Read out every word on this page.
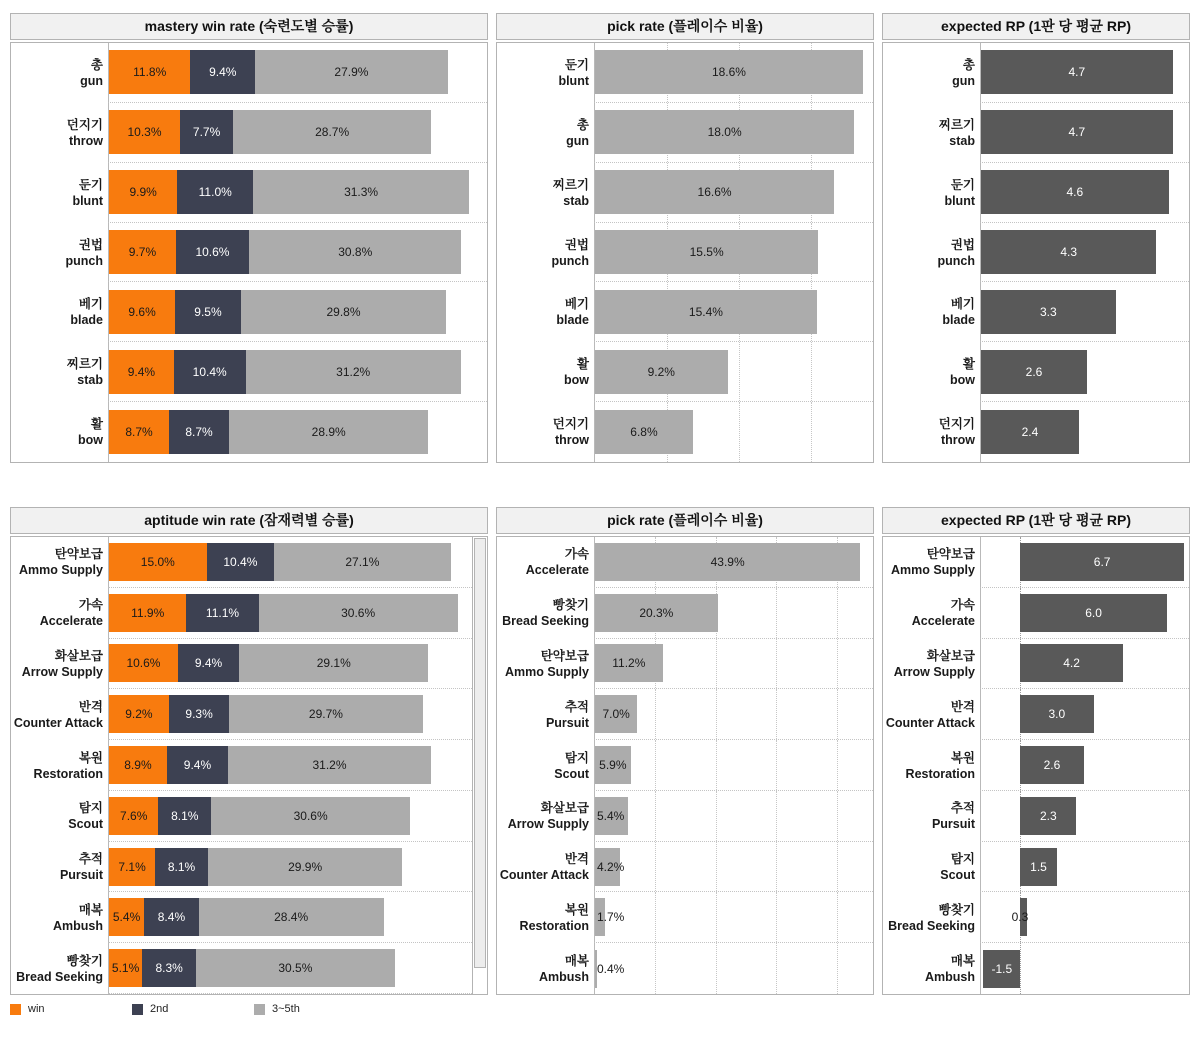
mastery win rate (숙련도별 승률)
총
gun
11.8%	9.4%	27.9%
던지기
throw
10.3%	7.7%	28.7%
둔기
blunt
9.9%	11.0%	31.3%
권법
punch
9.7%	10.6%	30.8%
베기
blade
9.6%	9.5%	29.8%
찌르기
stab
9.4%	10.4%	31.2%
활
bow
8.7%	8.7%	28.9%
pick rate (플레이수 비율)
둔기
blunt
18.6%
총
gun
18.0%
찌르기
stab
16.6%
권법
punch
15.5%
베기
blade
15.4%
활
bow
9.2%
던지기
throw
6.8%
expected RP (1판 당 평균 RP)
총
gun
4.7
찌르기
stab
4.7
둔기
blunt
4.6
권법
punch
4.3
베기
blade
3.3
활
bow
2.6
던지기
throw
2.4
aptitude win rate (잠재력별 승률)
탄약보급
Ammo Supply
15.0%	10.4%	27.1%
가속
Accelerate
11.9%	11.1%	30.6%
화살보급
Arrow Supply
10.6%	9.4%	29.1%
반격
Counter Attack
9.2%	9.3%	29.7%
복원
Restoration
8.9%	9.4%	31.2%
탐지
Scout
7.6% 8.1%	30.6%
추적
Pursuit
7.1% 8.1%	29.9%
매복
Ambush
5.4% 8.4%	28.4%
빵찾기
Bread Seeking
5.1% 8.3%	30.5%
pick rate (플레이수 비율)
가속
Accelerate
43.9%
빵찾기
Bread Seeking
20.3%
탄약보급
Ammo Supply
11.2%
추적
Pursuit
7.0%
탐지
Scout
5.9%
화살보급
Arrow Supply
5.4%
반격
Counter Attack
4.2%
복원
Restoration
1.7%
매복
Ambush
0.4%
expected RP (1판 당 평균 RP)
탄약보급
Ammo Supply
6.7
가속
Accelerate
6.0
화살보급
Arrow Supply
4.2
반격
Counter Attack
3.0
복원
Restoration
2.6
추적
Pursuit
2.3
탐지
Scout
1.5
빵찾기
Bread Seeking
0.3
매복
Ambush
-1.5
win	2nd	3~5th
